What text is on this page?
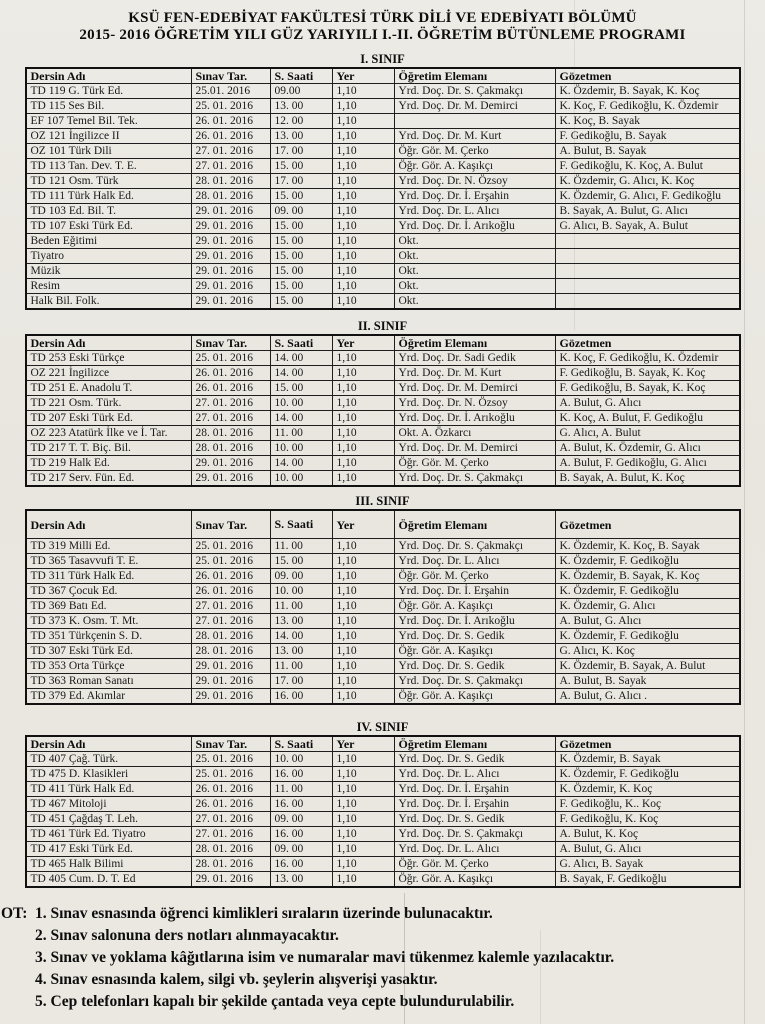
KSÜ FEN-EDEBİYAT FAKÜLTESİ TÜRK DİLİ VE EDEBİYATI BÖLÜMÜ
2015- 2016 ÖĞRETİM YILI GÜZ YARIYILI I.-II. ÖĞRETİM BÜTÜNLEME PROGRAMI
I. SINIF
Dersin Adı	Sınav Tar.	S. Saati	Yer	Öğretim Elemanı	Gözetmen
TD 119 G. Türk Ed.	25.01. 2016	09.00	1,10	Yrd. Doç. Dr. S. Çakmakçı	K. Özdemir, B. Sayak, K. Koç
TD 115 Ses Bil.	25. 01. 2016	13. 00	1,10	Yrd. Doç. Dr. M. Demirci	K. Koç, F. Gedikoğlu, K. Özdemir
EF 107 Temel Bil. Tek.	26. 01. 2016	12. 00	1,10		K. Koç, B. Sayak
OZ 121 İngilizce II	26. 01. 2016	13. 00	1,10	Yrd. Doç. Dr. M. Kurt	F. Gedikoğlu, B. Sayak
OZ 101 Türk Dili	27. 01. 2016	17. 00	1,10	Öğr. Gör. M. Çerko	A. Bulut, B. Sayak
TD 113 Tan. Dev. T. E.	27. 01. 2016	15. 00	1,10	Öğr. Gör. A. Kaşıkçı	F. Gedikoğlu, K. Koç, A. Bulut
TD 121 Osm. Türk	28. 01. 2016	17. 00	1,10	Yrd. Doç. Dr. N. Özsoy	K. Özdemir, G. Alıcı, K. Koç
TD 111 Türk Halk Ed.	28. 01. 2016	15. 00	1,10	Yrd. Doç. Dr. İ. Erşahin	K. Özdemir, G. Alıcı, F. Gedikoğlu
TD 103 Ed. Bil. T.	29. 01. 2016	09. 00	1,10	Yrd. Doç. Dr. L. Alıcı	B. Sayak, A. Bulut, G. Alıcı
TD 107 Eski Türk Ed.	29. 01. 2016	15. 00	1,10	Yrd. Doç. Dr. İ. Arıkoğlu	G. Alıcı, B. Sayak, A. Bulut
Beden Eğitimi	29. 01. 2016	15. 00	1,10	Okt.	
Tiyatro	29. 01. 2016	15. 00	1,10	Okt.	
Müzik	29. 01. 2016	15. 00	1,10	Okt.	
Resim	29. 01. 2016	15. 00	1,10	Okt.	
Halk Bil. Folk.	29. 01. 2016	15. 00	1,10	Okt.	
II. SINIF
Dersin Adı	Sınav Tar.	S. Saati	Yer	Öğretim Elemanı	Gözetmen
TD 253 Eski Türkçe	25. 01. 2016	14. 00	1,10	Yrd. Doç. Dr. Sadi Gedik	K. Koç, F. Gedikoğlu, K. Özdemir
OZ 221 İngilizce	26. 01. 2016	14. 00	1,10	Yrd. Doç. Dr. M. Kurt	F. Gedikoğlu, B. Sayak, K. Koç
TD 251 E. Anadolu T.	26. 01. 2016	15. 00	1,10	Yrd. Doç. Dr. M. Demirci	F. Gedikoğlu, B. Sayak, K. Koç
TD 221 Osm. Türk.	27. 01. 2016	10. 00	1,10	Yrd. Doç. Dr. N. Özsoy	A. Bulut, G. Alıcı
TD 207 Eski Türk Ed.	27. 01. 2016	14. 00	1,10	Yrd. Doç. Dr. İ. Arıkoğlu	K. Koç, A. Bulut, F. Gedikoğlu
OZ 223 Atatürk İlke ve İ. Tar.	28. 01. 2016	11. 00	1,10	Okt. A. Özkarcı	G. Alıcı, A. Bulut
TD 217 T. T. Biç. Bil.	28. 01. 2016	10. 00	1,10	Yrd. Doç. Dr. M. Demirci	A. Bulut, K. Özdemir, G. Alıcı
TD 219 Halk Ed.	29. 01. 2016	14. 00	1,10	Öğr. Gör. M. Çerko	A. Bulut, F. Gedikoğlu, G. Alıcı
TD 217 Serv. Fün. Ed.	29. 01. 2016	10. 00	1,10	Yrd. Doç. Dr. S. Çakmakçı	B. Sayak, A. Bulut, K. Koç
III. SINIF
Dersin Adı	Sınav Tar.	S. Saati	Yer	Öğretim Elemanı	Gözetmen
TD 319 Milli Ed.	25. 01. 2016	11. 00	1,10	Yrd. Doç. Dr. S. Çakmakçı	K. Özdemir, K. Koç, B. Sayak
TD 365 Tasavvufi T. E.	25. 01. 2016	15. 00	1,10	Yrd. Doç. Dr. L. Alıcı	K. Özdemir, F. Gedikoğlu
TD 311 Türk Halk Ed.	26. 01. 2016	09. 00	1,10	Öğr. Gör. M. Çerko	K. Özdemir, B. Sayak, K. Koç
TD 367 Çocuk Ed.	26. 01. 2016	10. 00	1,10	Yrd. Doç. Dr. İ. Erşahin	K. Özdemir, F. Gedikoğlu
TD 369 Batı Ed.	27. 01. 2016	11. 00	1,10	Öğr. Gör. A. Kaşıkçı	K. Özdemir, G. Alıcı
TD 373 K. Osm. T. Mt.	27. 01. 2016	13. 00	1,10	Yrd. Doç. Dr. İ. Arıkoğlu	A. Bulut, G. Alıcı
TD 351 Türkçenin S. D.	28. 01. 2016	14. 00	1,10	Yrd. Doç. Dr. S. Gedik	K. Özdemir, F. Gedikoğlu
TD 307 Eski Türk Ed.	28. 01. 2016	13. 00	1,10	Öğr. Gör. A. Kaşıkçı	G. Alıcı, K. Koç
TD 353 Orta Türkçe	29. 01. 2016	11. 00	1,10	Yrd. Doç. Dr. S. Gedik	K. Özdemir, B. Sayak, A. Bulut
TD 363 Roman Sanatı	29. 01. 2016	17. 00	1,10	Yrd. Doç. Dr. S. Çakmakçı	A. Bulut, B. Sayak
TD 379 Ed. Akımlar	29. 01. 2016	16. 00	1,10	Öğr. Gör. A. Kaşıkçı	A. Bulut, G. Alıcı .
IV. SINIF
Dersin Adı	Sınav Tar.	S. Saati	Yer	Öğretim Elemanı	Gözetmen
TD 407 Çağ. Türk.	25. 01. 2016	10. 00	1,10	Yrd. Doç. Dr. S. Gedik	K. Özdemir, B. Sayak
TD 475 D. Klasikleri	25. 01. 2016	16. 00	1,10	Yrd. Doç. Dr. L. Alıcı	K. Özdemir, F. Gedikoğlu
TD 411 Türk Halk Ed.	26. 01. 2016	11. 00	1,10	Yrd. Doç. Dr. İ. Erşahin	K. Özdemir, K. Koç
TD 467 Mitoloji	26. 01. 2016	16. 00	1,10	Yrd. Doç. Dr. İ. Erşahin	F. Gedikoğlu, K.. Koç
TD 451 Çağdaş T. Leh.	27. 01. 2016	09. 00	1,10	Yrd. Doç. Dr. S. Gedik	F. Gedikoğlu, K. Koç
TD 461 Türk Ed. Tiyatro	27. 01. 2016	16. 00	1,10	Yrd. Doç. Dr. S. Çakmakçı	A. Bulut, K. Koç
TD 417 Eski Türk Ed.	28. 01. 2016	09. 00	1,10	Yrd. Doç. Dr. L. Alıcı	A. Bulut, G. Alıcı
TD 465 Halk Bilimi	28. 01. 2016	16. 00	1,10	Öğr. Gör. M. Çerko	G. Alıcı, B. Sayak
TD 405 Cum. D. T. Ed	29. 01. 2016	13. 00	1,10	Öğr. Gör. A. Kaşıkçı	B. Sayak, F. Gedikoğlu
OT: 1. Sınav esnasında öğrenci kimlikleri sıraların üzerinde bulunacaktır.
2. Sınav salonuna ders notları alınmayacaktır.
3. Sınav ve yoklama kâğıtlarına isim ve numaralar mavi tükenmez kalemle yazılacaktır.
4. Sınav esnasında kalem, silgi vb. şeylerin alışverişi yasaktır.
5. Cep telefonları kapalı bir şekilde çantada veya cepte bulundurulabilir.
